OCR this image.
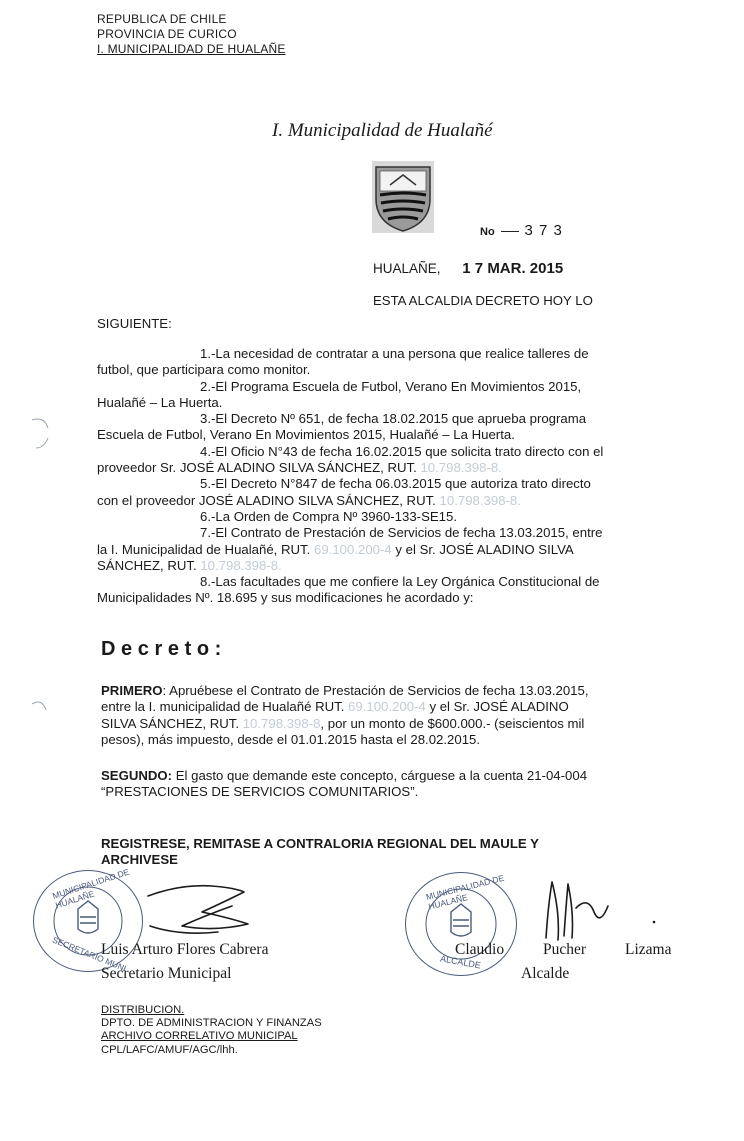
REPUBLICA DE CHILE
PROVINCIA DE CURICO
I. MUNICIPALIDAD DE HUALAÑE
I. Municipalidad de Hualañé
No 3 7 3
HUALAÑE, 1 7 MAR. 2015
ESTA ALCALDIA DECRETO HOY LO
SIGUIENTE:
1.-La necesidad de contratar a una persona que realice talleres de
futbol, que participara como monitor.
2.-El Programa Escuela de Futbol, Verano En Movimientos 2015,
Hualañé – La Huerta.
3.-El Decreto Nº 651, de fecha 18.02.2015 que aprueba programa
Escuela de Futbol, Verano En Movimientos 2015, Hualañé – La Huerta.
4.-El Oficio N°43 de fecha 16.02.2015 que solicita trato directo con el
proveedor Sr. JOSÉ ALADINO SILVA SÁNCHEZ, RUT. 10.798.398-8.
5.-El Decreto N°847 de fecha 06.03.2015 que autoriza trato directo
con el proveedor JOSÉ ALADINO SILVA SÁNCHEZ, RUT. 10.798.398-8.
6.-La Orden de Compra Nº 3960-133-SE15.
7.-El Contrato de Prestación de Servicios de fecha 13.03.2015, entre
la I. Municipalidad de Hualañé, RUT. 69.100.200-4 y el Sr. JOSÉ ALADINO SILVA
SÁNCHEZ, RUT. 10.798.398-8.
8.-Las facultades que me confiere la Ley Orgánica Constitucional de
Municipalidades Nº. 18.695 y sus modificaciones he acordado y:
Decreto:
PRIMERO: Apruébese el Contrato de Prestación de Servicios de fecha 13.03.2015,
entre la I. municipalidad de Hualañé RUT. 69.100.200-4 y el Sr. JOSÉ ALADINO
SILVA SÁNCHEZ, RUT. 10.798.398-8, por un monto de $600.000.- (seiscientos mil
pesos), más impuesto, desde el 01.01.2015 hasta el 28.02.2015.
SEGUNDO: El gasto que demande este concepto, cárguese a la cuenta 21-04-004
“PRESTACIONES DE SERVICIOS COMUNITARIOS”.
REGISTRESE, REMITASE A CONTRALORIA REGIONAL DEL MAULE Y
ARCHIVESE
MUNICIPALIDAD DE HUALAÑE
SECRETARIO MUNI
MUNICIPALIDAD DE HUALAÑE
ALCALDE
Luis Arturo Flores Cabrera
Secretario Municipal
Claudio	Pucher	Lizama
Alcalde
DISTRIBUCION.
DPTO. DE ADMINISTRACION Y FINANZAS
ARCHIVO CORRELATIVO MUNICIPAL
CPL/LAFC/AMUF/AGC/lhh.
